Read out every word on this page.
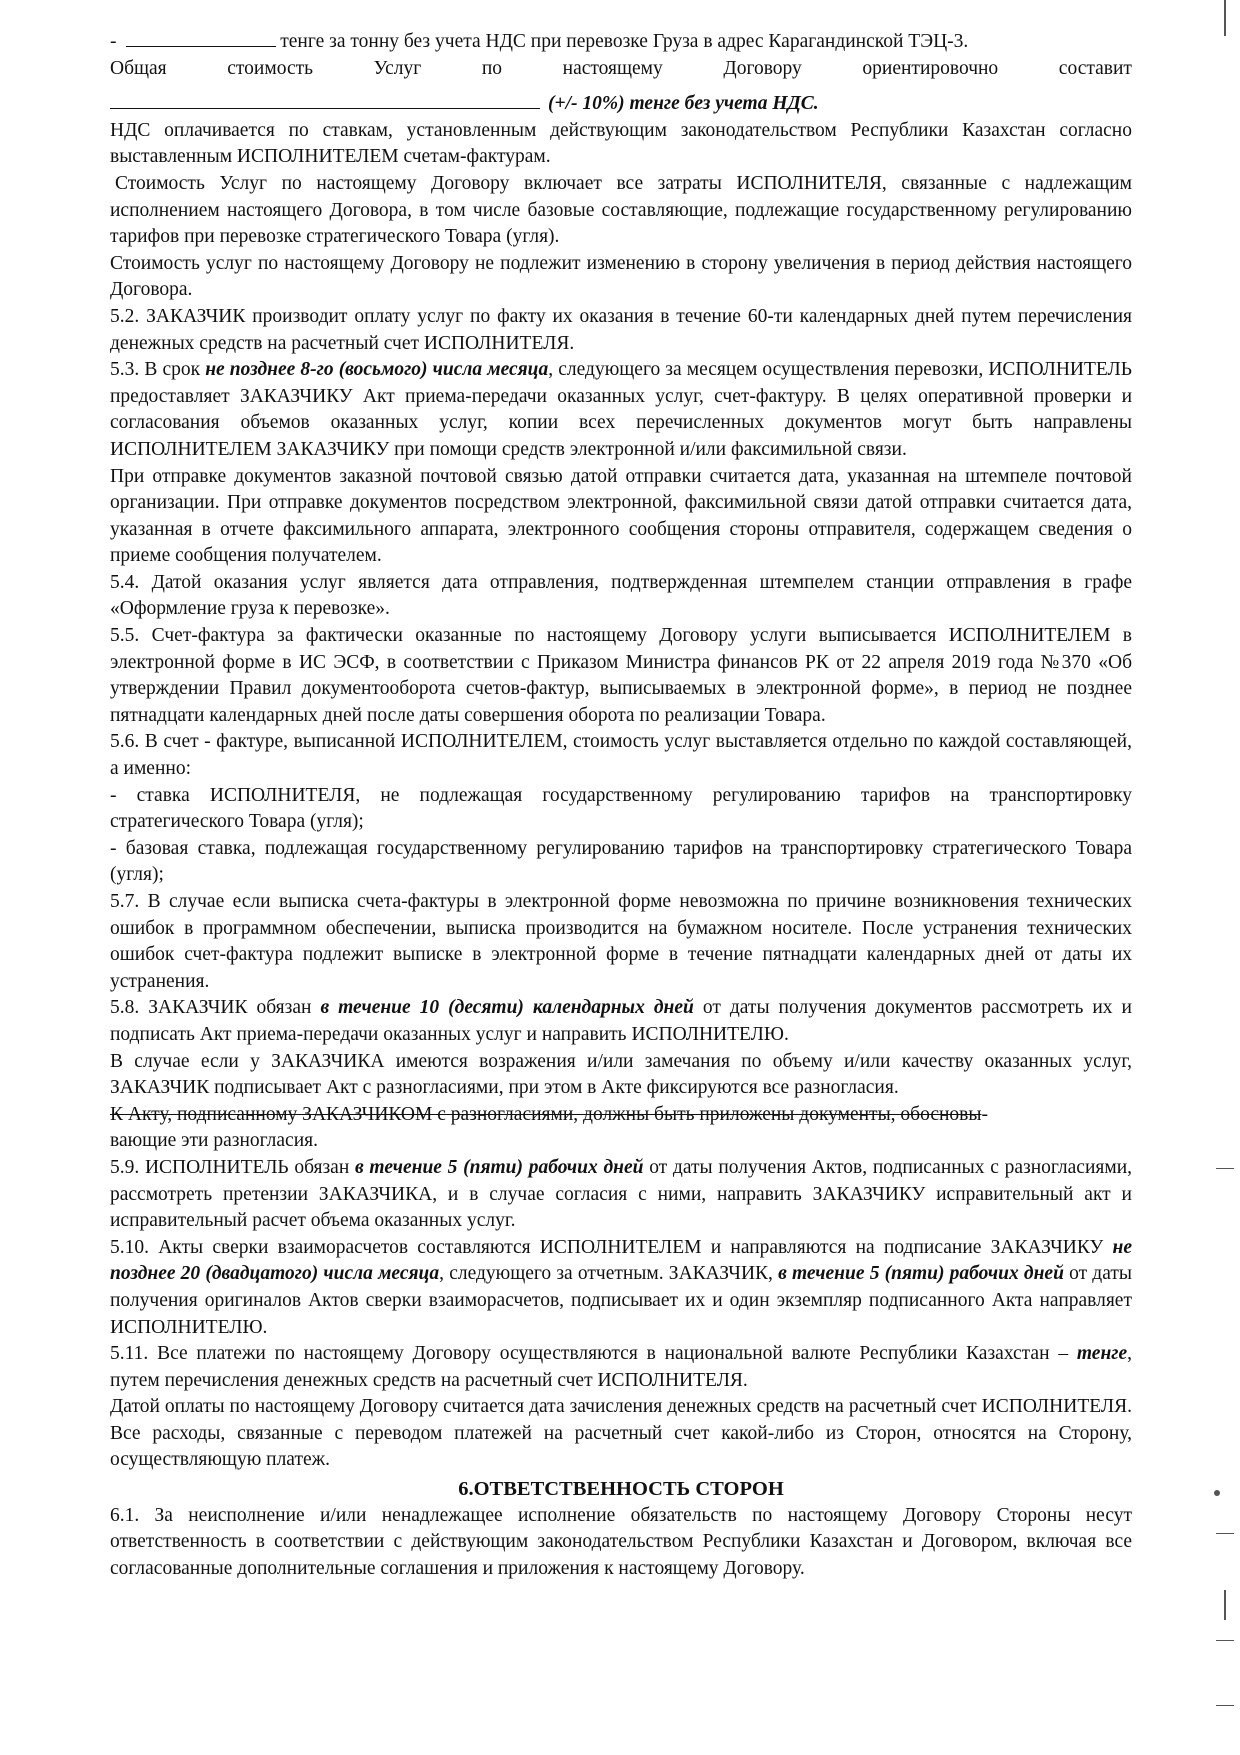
-	тенге за тонну без учета НДС при перевозке Груза в адрес Карагандинской ТЭЦ-3.

Общая	стоимость	Услуг	по	настоящему	Договору	ориентировочно	составит

(+/- 10%) тенге без учета НДС.

НДС оплачивается по ставкам, установленным действующим законодательством Республики Казахстан согласно выставленным ИСПОЛНИТЕЛЕМ счетам-фактурам.

Стоимость Услуг по настоящему Договору включает все затраты ИСПОЛНИТЕЛЯ, связанные с надлежащим исполнением настоящего Договора, в том числе базовые составляющие, подлежащие государственному регулированию тарифов при перевозке стратегического Товара (угля).

Стоимость услуг по настоящему Договору не подлежит изменению в сторону увеличения в период действия настоящего Договора.

5.2. ЗАКАЗЧИК производит оплату услуг по факту их оказания в течение 60-ти календарных дней путем перечисления денежных средств на расчетный счет ИСПОЛНИТЕЛЯ.

5.3. В срок не позднее 8-го (восьмого) числа месяца, следующего за месяцем осуществления перевозки, ИСПОЛНИТЕЛЬ предоставляет ЗАКАЗЧИКУ Акт приема-передачи оказанных услуг, счет-фактуру. В целях оперативной проверки и согласования объемов оказанных услуг, копии всех перечисленных документов могут быть направлены ИСПОЛНИТЕЛЕМ ЗАКАЗЧИКУ при помощи средств электронной и/или факсимильной связи.

При отправке документов заказной почтовой связью датой отправки считается дата, указанная на штемпеле почтовой организации. При отправке документов посредством электронной, факсимильной связи датой отправки считается дата, указанная в отчете факсимильного аппарата, электронного сообщения стороны отправителя, содержащем сведения о приеме сообщения получателем.

5.4. Датой оказания услуг является дата отправления, подтвержденная штемпелем станции отправления в графе «Оформление груза к перевозке».

5.5. Счет-фактура за фактически оказанные по настоящему Договору услуги выписывается ИСПОЛНИТЕЛЕМ в электронной форме в ИС ЭСФ, в соответствии с Приказом Министра финансов РК от 22 апреля 2019 года №370 «Об утверждении Правил документооборота счетов-фактур, выписываемых в электронной форме», в период не позднее пятнадцати календарных дней после даты совершения оборота по реализации Товара.

5.6. В счет - фактуре, выписанной ИСПОЛНИТЕЛЕМ, стоимость услуг выставляется отдельно по каждой составляющей, а именно:

- ставка ИСПОЛНИТЕЛЯ, не подлежащая государственному регулированию тарифов на транспортировку стратегического Товара (угля);

- базовая ставка, подлежащая государственному регулированию тарифов на транспортировку стратегического Товара (угля);

5.7. В случае если выписка счета-фактуры в электронной форме невозможна по причине возникновения технических ошибок в программном обеспечении, выписка производится на бумажном носителе. После устранения технических ошибок счет-фактура подлежит выписке в электронной форме в течение пятнадцати календарных дней от даты их устранения.

5.8. ЗАКАЗЧИК обязан в течение 10 (десяти) календарных дней от даты получения документов рассмотреть их и подписать Акт приема-передачи оказанных услуг и направить ИСПОЛНИТЕЛЮ.

В случае если у ЗАКАЗЧИКА имеются возражения и/или замечания по объему и/или качеству оказанных услуг, ЗАКАЗЧИК подписывает Акт с разногласиями, при этом в Акте фиксируются все разногласия.

К Акту, подписанному ЗАКАЗЧИКОМ с разногласиями, должны быть приложены документы, обосновы-
вающие эти разногласия.

5.9. ИСПОЛНИТЕЛЬ обязан в течение 5 (пяти) рабочих дней от даты получения Актов, подписанных с разногласиями, рассмотреть претензии ЗАКАЗЧИКА, и в случае согласия с ними, направить ЗАКАЗЧИКУ исправительный акт и исправительный расчет объема оказанных услуг.

5.10. Акты сверки взаиморасчетов составляются ИСПОЛНИТЕЛЕМ и направляются на подписание ЗАКАЗЧИКУ не позднее 20 (двадцатого) числа месяца, следующего за отчетным. ЗАКАЗЧИК, в течение 5 (пяти) рабочих дней от даты получения оригиналов Актов сверки взаиморасчетов, подписывает их и один экземпляр подписанного Акта направляет ИСПОЛНИТЕЛЮ.

5.11. Все платежи по настоящему Договору осуществляются в национальной валюте Республики Казахстан – тенге, путем перечисления денежных средств на расчетный счет ИСПОЛНИТЕЛЯ.

Датой оплаты по настоящему Договору считается дата зачисления денежных средств на расчетный счет ИСПОЛНИТЕЛЯ. Все расходы, связанные с переводом платежей на расчетный счет какой-либо из Сторон, относятся на Сторону, осуществляющую платеж.

6.ОТВЕТСТВЕННОСТЬ СТОРОН

6.1. За неисполнение и/или ненадлежащее исполнение обязательств по настоящему Договору Стороны несут ответственность в соответствии с действующим законодательством Республики Казахстан и Договором, включая все согласованные дополнительные соглашения и приложения к настоящему Договору.
